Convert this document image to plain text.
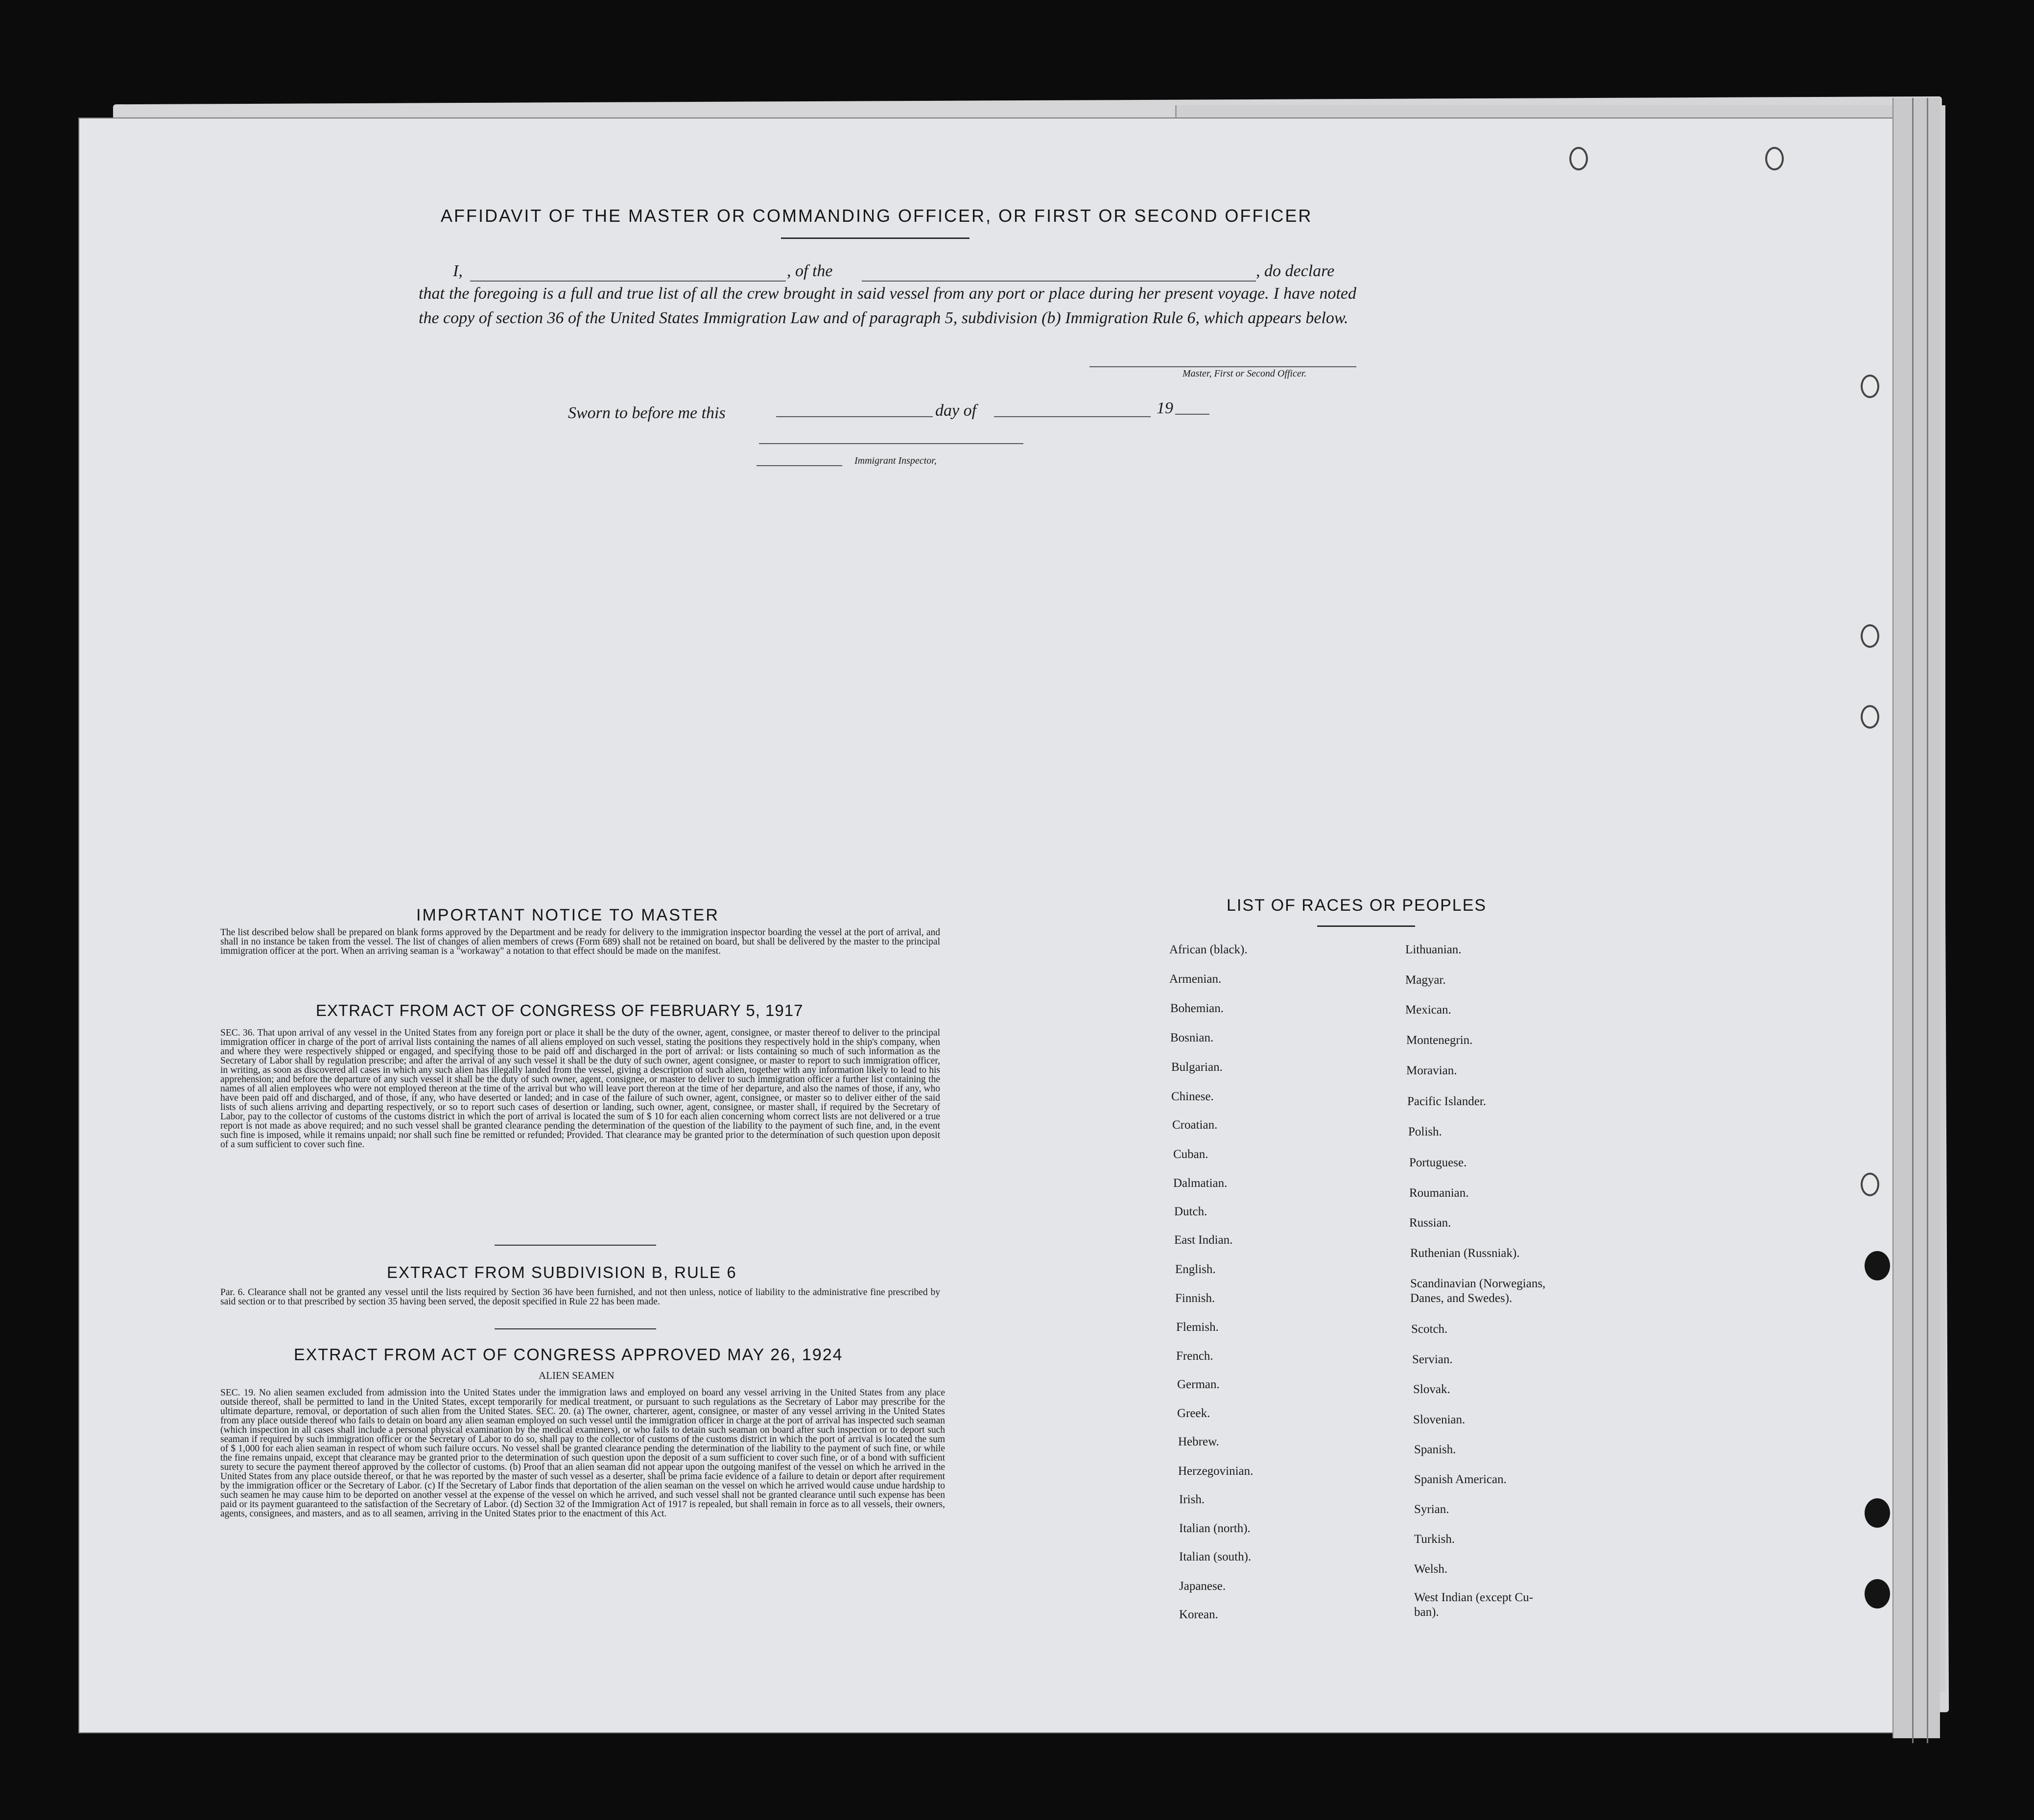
AFFIDAVIT OF THE MASTER OR COMMANDING OFFICER, OR FIRST OR SECOND OFFICER
I,	, of the	, do declare
that the foregoing is a full and true list of all the crew brought in said vessel from any port or place during her present voyage. I have noted the copy of section 36 of the United States Immigration Law and of paragraph 5, subdivision (b) Immigration Rule 6, which appears below.
Master, First or Second Officer.
Sworn to before me this	day of	19
Immigrant Inspector,
IMPORTANT NOTICE TO MASTER
The list described below shall be prepared on blank forms approved by the Department and be ready for delivery to the immigration inspector boarding the vessel at the port of arrival, and shall in no instance be taken from the vessel. The list of changes of alien members of crews (Form 689) shall not be retained on board, but shall be delivered by the master to the principal immigration officer at the port. When an arriving seaman is a "workaway" a notation to that effect should be made on the manifest.
EXTRACT FROM ACT OF CONGRESS OF FEBRUARY 5, 1917
SEC. 36. That upon arrival of any vessel in the United States from any foreign port or place it shall be the duty of the owner, agent, consignee, or master thereof to deliver to the principal immigration officer in charge of the port of arrival lists containing the names of all aliens employed on such vessel, stating the positions they respectively hold in the ship's company, when and where they were respectively shipped or engaged, and specifying those to be paid off and discharged in the port of arrival: or lists containing so much of such information as the Secretary of Labor shall by regulation prescribe; and after the arrival of any such vessel it shall be the duty of such owner, agent consignee, or master to report to such immigration officer, in writing, as soon as discovered all cases in which any such alien has illegally landed from the vessel, giving a description of such alien, together with any information likely to lead to his apprehension; and before the departure of any such vessel it shall be the duty of such owner, agent, consignee, or master to deliver to such immigration officer a further list containing the names of all alien employees who were not employed thereon at the time of the arrival but who will leave port thereon at the time of her departure, and also the names of those, if any, who have been paid off and discharged, and of those, if any, who have deserted or landed; and in case of the failure of such owner, agent, consignee, or master so to deliver either of the said lists of such aliens arriving and departing respectively, or so to report such cases of desertion or landing, such owner, agent, consignee, or master shall, if required by the Secretary of Labor, pay to the collector of customs of the customs district in which the port of arrival is located the sum of $ 10 for each alien concerning whom correct lists are not delivered or a true report is not made as above required; and no such vessel shall be granted clearance pending the determination of the question of the liability to the payment of such fine, and, in the event such fine is imposed, while it remains unpaid; nor shall such fine be remitted or refunded; Provided. That clearance may be granted prior to the determination of such question upon deposit of a sum sufficient to cover such fine.
EXTRACT FROM SUBDIVISION B, RULE 6
Par. 6. Clearance shall not be granted any vessel until the lists required by Section 36 have been furnished, and not then unless, notice of liability to the administrative fine prescribed by said section or to that prescribed by section 35 having been served, the deposit specified in Rule 22 has been made.
EXTRACT FROM ACT OF CONGRESS APPROVED MAY 26, 1924
ALIEN SEAMEN
SEC. 19. No alien seamen excluded from admission into the United States under the immigration laws and employed on board any vessel arriving in the United States from any place outside thereof, shall be permitted to land in the United States, except temporarily for medical treatment, or pursuant to such regulations as the Secretary of Labor may prescribe for the ultimate departure, removal, or deportation of such alien from the United States. SEC. 20. (a) The owner, charterer, agent, consignee, or master of any vessel arriving in the United States from any place outside thereof who fails to detain on board any alien seaman employed on such vessel until the immigration officer in charge at the port of arrival has inspected such seaman (which inspection in all cases shall include a personal physical examination by the medical examiners), or who fails to detain such seaman on board after such inspection or to deport such seaman if required by such immigration officer or the Secretary of Labor to do so, shall pay to the collector of customs of the customs district in which the port of arrival is located the sum of $ 1,000 for each alien seaman in respect of whom such failure occurs. No vessel shall be granted clearance pending the determination of the liability to the payment of such fine, or while the fine remains unpaid, except that clearance may be granted prior to the determination of such question upon the deposit of a sum sufficient to cover such fine, or of a bond with sufficient surety to secure the payment thereof approved by the collector of customs. (b) Proof that an alien seaman did not appear upon the outgoing manifest of the vessel on which he arrived in the United States from any place outside thereof, or that he was reported by the master of such vessel as a deserter, shall be prima facie evidence of a failure to detain or deport after requirement by the immigration officer or the Secretary of Labor. (c) If the Secretary of Labor finds that deportation of the alien seaman on the vessel on which he arrived would cause undue hardship to such seamen he may cause him to be deported on another vessel at the expense of the vessel on which he arrived, and such vessel shall not be granted clearance until such expense has been paid or its payment guaranteed to the satisfaction of the Secretary of Labor. (d) Section 32 of the Immigration Act of 1917 is repealed, but shall remain in force as to all vessels, their owners, agents, consignees, and masters, and as to all seamen, arriving in the United States prior to the enactment of this Act.
LIST OF RACES OR PEOPLES
African (black).
Armenian.
Bohemian.
Bosnian.
Bulgarian.
Chinese.
Croatian.
Cuban.
Dalmatian.
Dutch.
East Indian.
English.
Finnish.
Flemish.
French.
German.
Greek.
Hebrew.
Herzegovinian.
Irish.
Italian (north).
Italian (south).
Japanese.
Korean.
Lithuanian.
Magyar.
Mexican.
Montenegrin.
Moravian.
Pacific Islander.
Polish.
Portuguese.
Roumanian.
Russian.
Ruthenian (Russniak).
Scandinavian (Norwegians,
Danes, and Swedes).
Scotch.
Servian.
Slovak.
Slovenian.
Spanish.
Spanish American.
Syrian.
Turkish.
Welsh.
West Indian (except Cu-
ban).
